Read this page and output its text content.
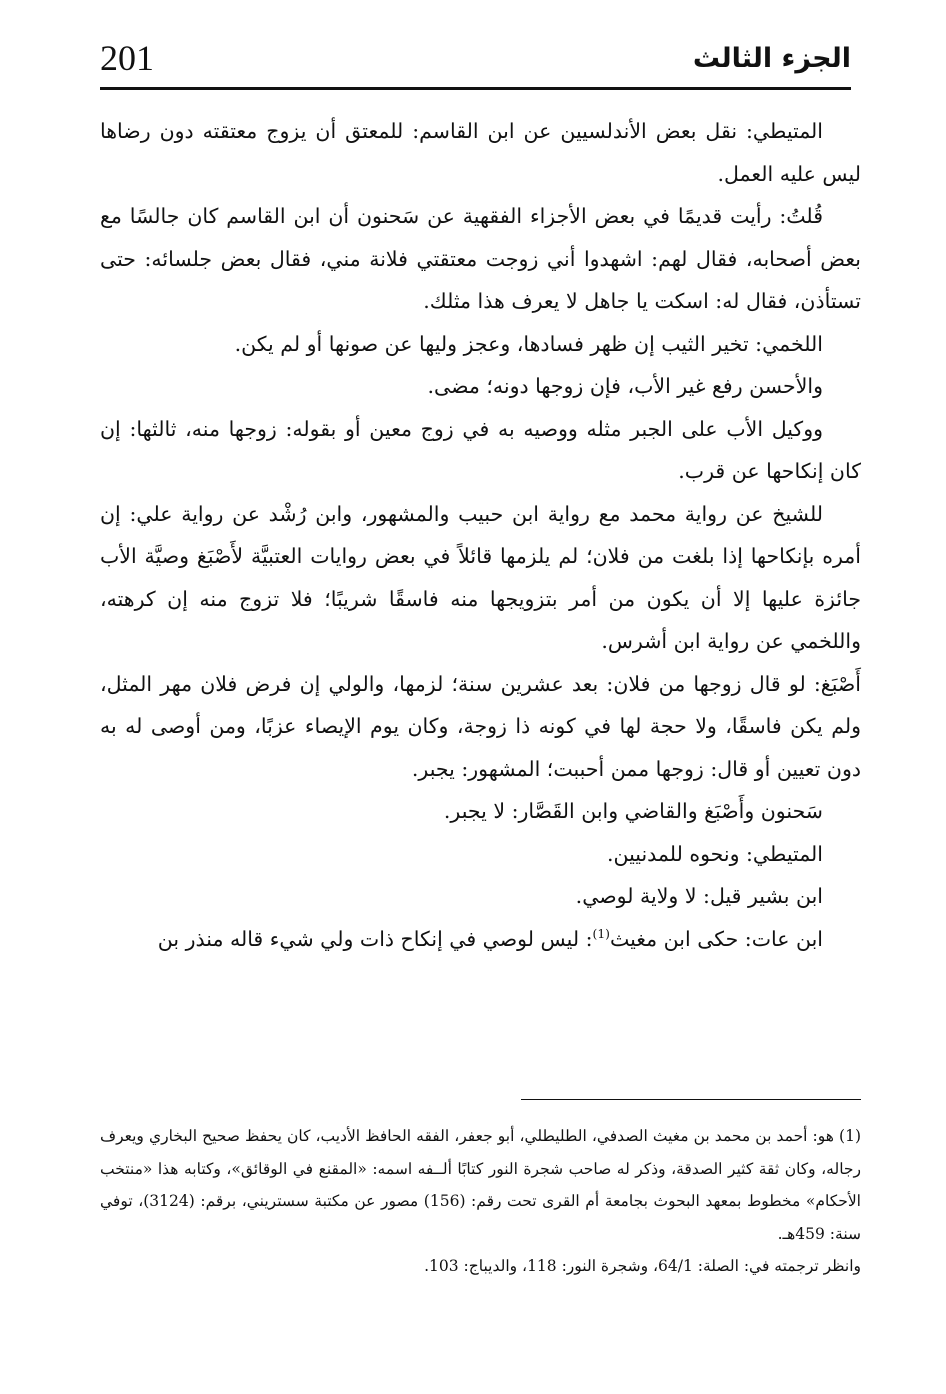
201	الجزء الثالث

المتيطي: نقل بعض الأندلسيين عن ابن القاسم: للمعتق أن يزوج معتقته دون رضاها ليس عليه العمل.

قُلتُ: رأيت قديمًا في بعض الأجزاء الفقهية عن سَحنون أن ابن القاسم كان جالسًا مع بعض أصحابه، فقال لهم: اشهدوا أني زوجت معتقتي فلانة مني، فقال بعض جلسائه: حتى تستأذن، فقال له: اسكت يا جاهل لا يعرف هذا مثلك.

اللخمي: تخير الثيب إن ظهر فسادها، وعجز وليها عن صونها أو لم يكن.

والأحسن رفع غير الأب، فإن زوجها دونه؛ مضى.

ووكيل الأب على الجبر مثله ووصيه به في زوج معين أو بقوله: زوجها منه، ثالثها: إن كان إنكاحها عن قرب.

للشيخ عن رواية محمد مع رواية ابن حبيب والمشهور، وابن رُشْد عن رواية علي: إن أمره بإنكاحها إذا بلغت من فلان؛ لم يلزمها قائلاً في بعض روايات العتبيَّة لأَصْبَغ وصيَّة الأب جائزة عليها إلا أن يكون من أمر بتزويجها منه فاسقًا شريبًا؛ فلا تزوج منه إن كرهته، واللخمي عن رواية ابن أشرس.

أَصْبَغ: لو قال زوجها من فلان: بعد عشرين سنة؛ لزمها، والولي إن فرض فلان مهر المثل، ولم يكن فاسقًا، ولا حجة لها في كونه ذا زوجة، وكان يوم الإيصاء عزبًا، ومن أوصى له به دون تعيين أو قال: زوجها ممن أحببت؛ المشهور: يجبر.

سَحنون وأَصْبَغ والقاضي وابن القَصَّار: لا يجبر.

المتيطي: ونحوه للمدنيين.

ابن بشير قيل: لا ولاية لوصي.

ابن عات: حكى ابن مغيث$^{(1)}$: ليس لوصي في إنكاح ذات ولي شيء قاله منذر بن

(1) هو: أحمد بن محمد بن مغيث الصدفي، الطليطلي، أبو جعفر، الفقه الحافظ الأديب، كان يحفظ صحيح البخاري ويعرف رجاله، وكان ثقة كثير الصدقة، وذكر له صاحب شجرة النور كتابًا ألــفه اسمه: «المقنع في الوقائق»، وكتابه هذا «منتخب الأحكام» مخطوط بمعهد البحوث بجامعة أم القرى تحت رقم: (156) مصور عن مكتبة سستريني، برقم: (3124)، توفي سنة: 459هـ.

وانظر ترجمته في: الصلة: 64/1، وشجرة النور: 118، والديباج: 103.
